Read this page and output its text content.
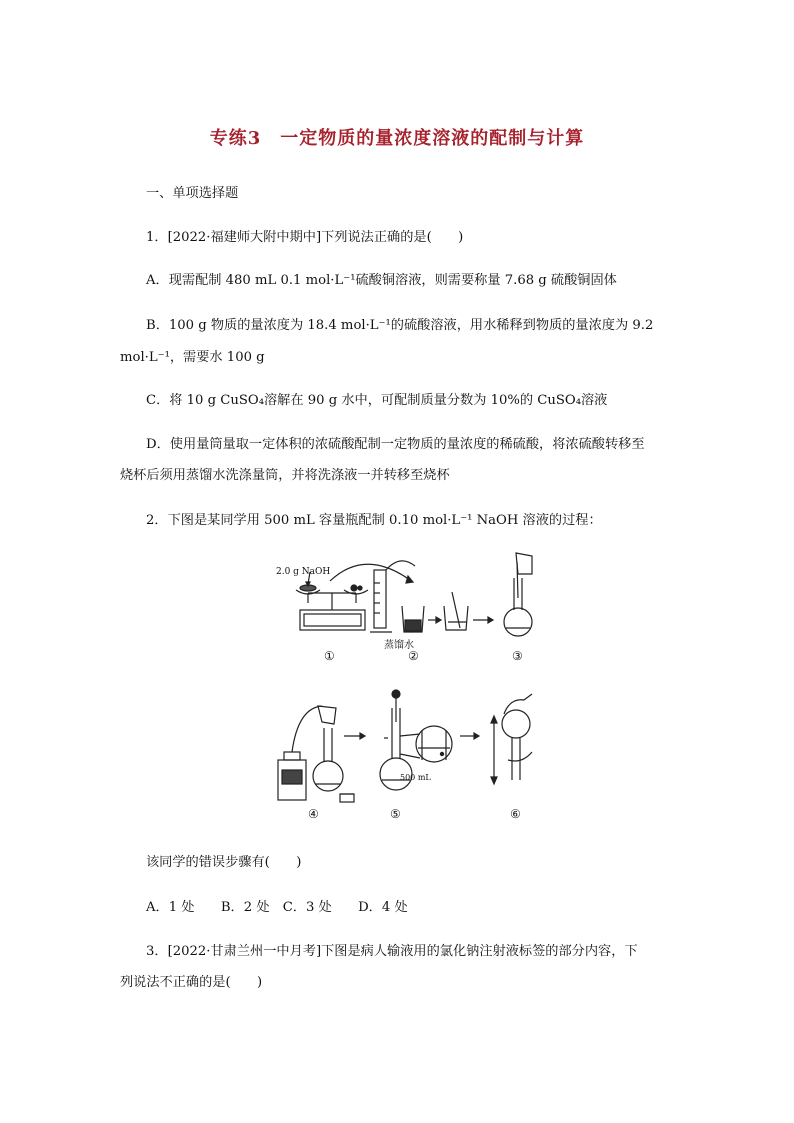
专练3　一定物质的量浓度溶液的配制与计算
一、单项选择题
1．[2022·福建师大附中期中]下列说法正确的是(　　)
A．现需配制 480 mL 0.1 mol·L⁻¹硫酸铜溶液，则需要称量 7.68 g 硫酸铜固体
B．100 g 物质的量浓度为 18.4 mol·L⁻¹的硫酸溶液，用水稀释到物质的量浓度为 9.2
mol·L⁻¹，需要水 100 g
C．将 10 g CuSO₄溶解在 90 g 水中，可配制质量分数为 10%的 CuSO₄溶液
D．使用量筒量取一定体积的浓硫酸配制一定物质的量浓度的稀硫酸，将浓硫酸转移至
烧杯后须用蒸馏水洗涤量筒，并将洗涤液一并转移至烧杯
2．下图是某同学用 500 mL 容量瓶配制 0.10 mol·L⁻¹ NaOH 溶液的过程：
2.0 g NaOH
蒸馏水
①	②	③
500 mL
④	⑤	⑥
该同学的错误步骤有(　　)
A．1 处　　B．2 处　C．3 处　　D．4 处
3．[2022·甘肃兰州一中月考]下图是病人输液用的氯化钠注射液标签的部分内容，下
列说法不正确的是(　　)
